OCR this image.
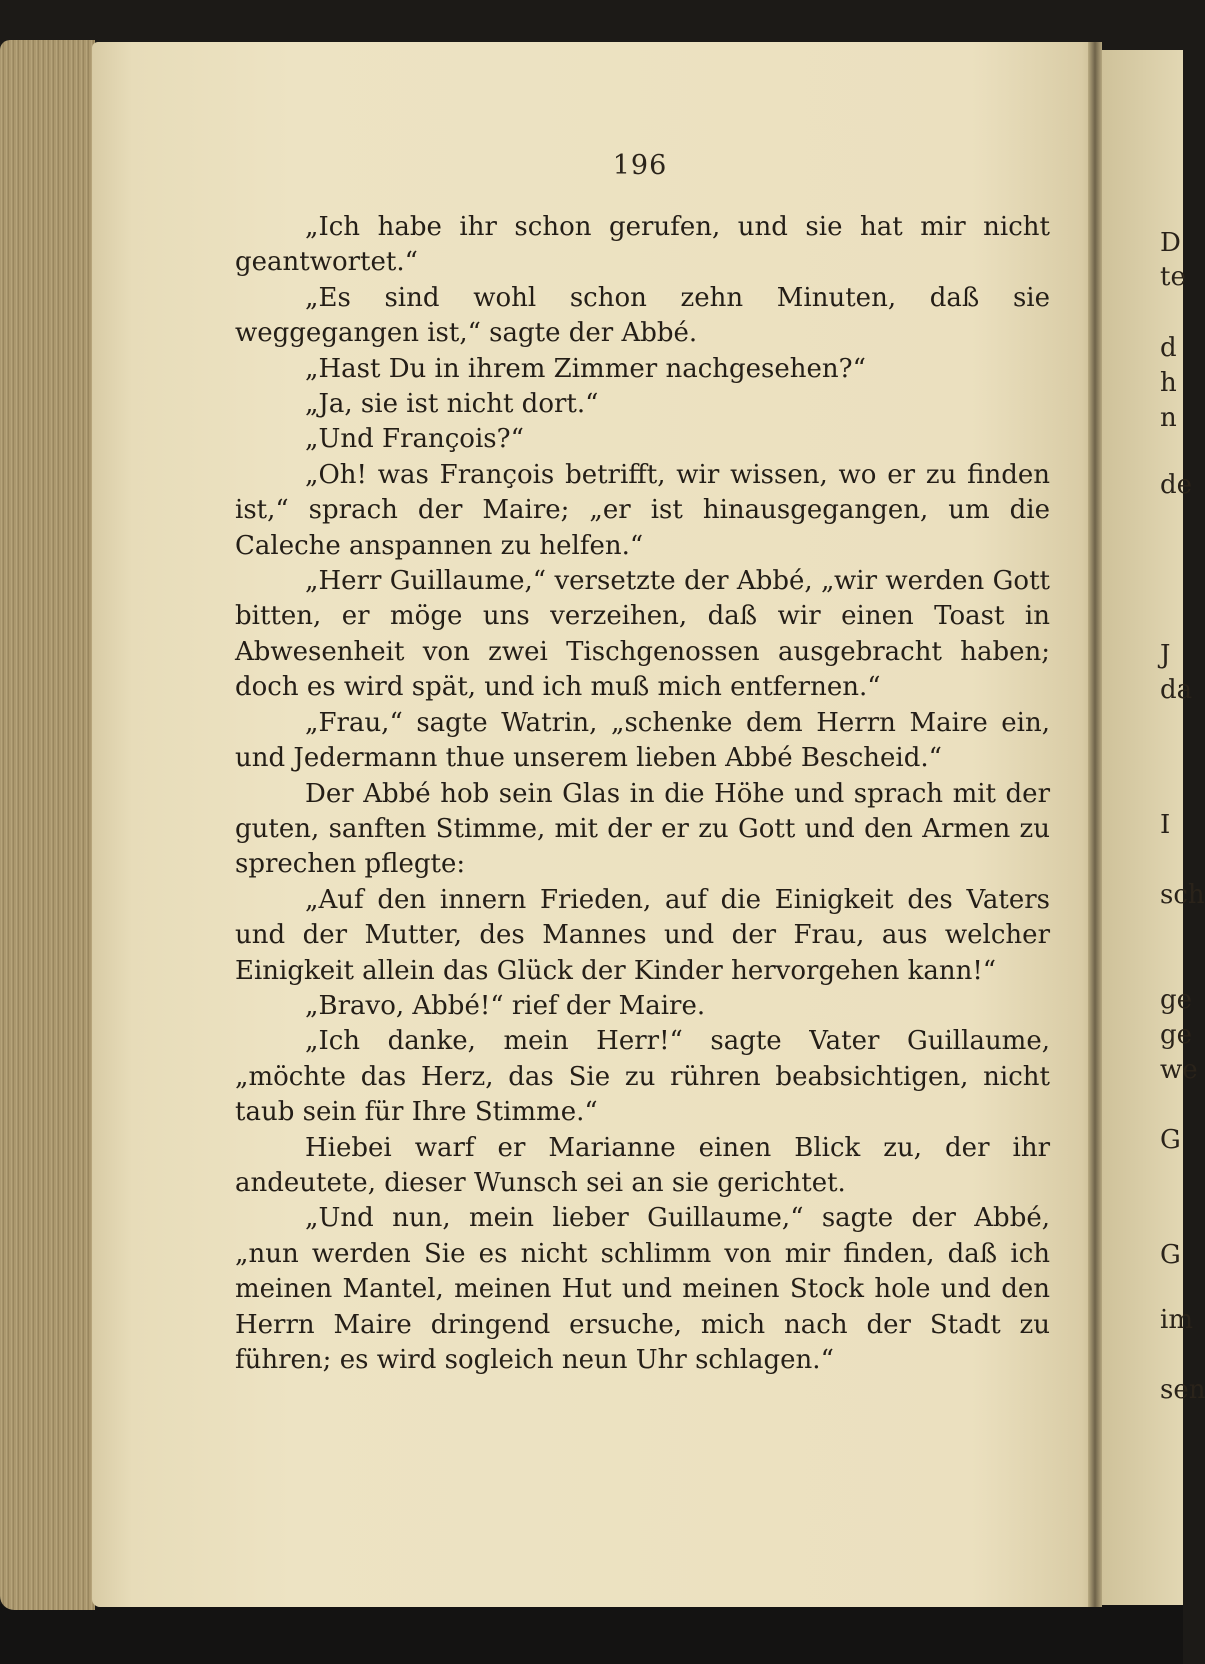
196

„Ich habe ihr schon gerufen, und sie hat mir nicht geantwortet.“

„Es sind wohl schon zehn Minuten, daß sie weggegangen ist,“ sagte der Abbé.

„Hast Du in ihrem Zimmer nachgesehen?“

„Ja, sie ist nicht dort.“

„Und François?“

„Oh! was François betrifft, wir wissen, wo er zu finden ist,“ sprach der Maire; „er ist hinausgegangen, um die Caleche anspannen zu helfen.“

„Herr Guillaume,“ versetzte der Abbé, „wir werden Gott bitten, er möge uns verzeihen, daß wir einen Toast in Abwesenheit von zwei Tischgenossen ausgebracht haben; doch es wird spät, und ich muß mich entfernen.“

„Frau,“ sagte Watrin, „schenke dem Herrn Maire ein, und Jedermann thue unserem lieben Abbé Bescheid.“

Der Abbé hob sein Glas in die Höhe und sprach mit der guten, sanften Stimme, mit der er zu Gott und den Armen zu sprechen pflegte:

„Auf den innern Frieden, auf die Einigkeit des Vaters und der Mutter, des Mannes und der Frau, aus welcher Einigkeit allein das Glück der Kinder hervorgehen kann!“

„Bravo, Abbé!“ rief der Maire.

„Ich danke, mein Herr!“ sagte Vater Guillaume, „möchte das Herz, das Sie zu rühren beabsichtigen, nicht taub sein für Ihre Stimme.“

Hiebei warf er Marianne einen Blick zu, der ihr andeutete, dieser Wunsch sei an sie gerichtet.

„Und nun, mein lieber Guillaume,“ sagte der Abbé, „nun werden Sie es nicht schlimm von mir finden, daß ich meinen Mantel, meinen Hut und meinen Stock hole und den Herrn Maire dringend ersuche, mich nach der Stadt zu führen; es wird sogleich neun Uhr schlagen.“

D
te
d
h
n
de
J
da
I
sch
ge
ge
we
G
G
im
sen
